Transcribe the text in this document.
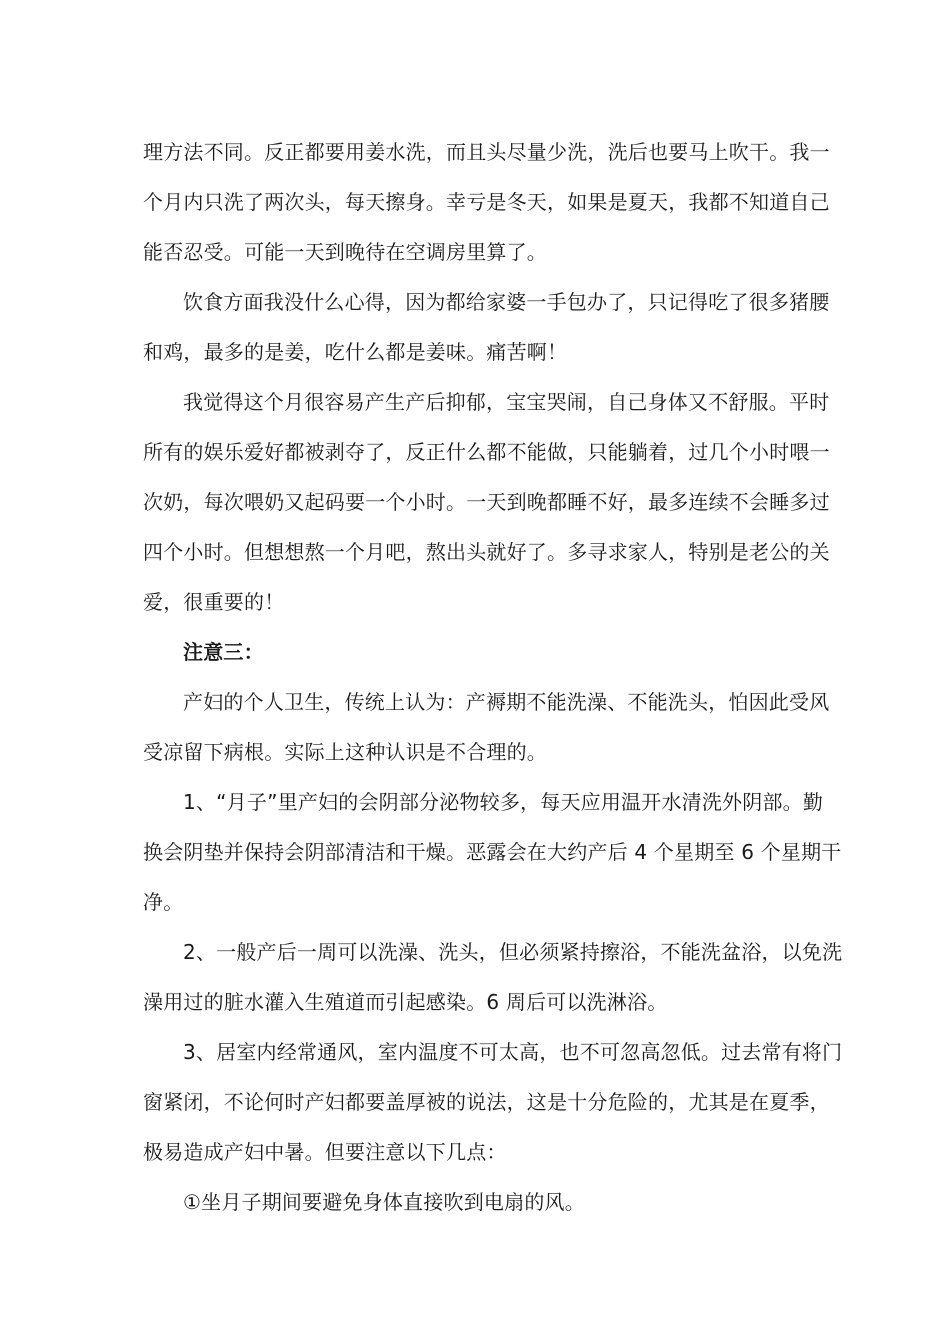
理方法不同。反正都要用姜水洗，而且头尽量少洗，洗后也要马上吹干。我一
个月内只洗了两次头，每天擦身。幸亏是冬天，如果是夏天，我都不知道自己
能否忍受。可能一天到晚待在空调房里算了。
饮食方面我没什么心得，因为都给家婆一手包办了，只记得吃了很多猪腰
和鸡，最多的是姜，吃什么都是姜味。痛苦啊！
我觉得这个月很容易产生产后抑郁，宝宝哭闹，自己身体又不舒服。平时
所有的娱乐爱好都被剥夺了，反正什么都不能做，只能躺着，过几个小时喂一
次奶，每次喂奶又起码要一个小时。一天到晚都睡不好，最多连续不会睡多过
四个小时。但想想熬一个月吧，熬出头就好了。多寻求家人，特别是老公的关
爱，很重要的！
注意三：
产妇的个人卫生，传统上认为：产褥期不能洗澡、不能洗头，怕因此受风
受凉留下病根。实际上这种认识是不合理的。
1、“月子”里产妇的会阴部分泌物较多，每天应用温开水清洗外阴部。勤
换会阴垫并保持会阴部清洁和干燥。恶露会在大约产后 4 个星期至 6 个星期干
净。
2、一般产后一周可以洗澡、洗头，但必须紧持擦浴，不能洗盆浴，以免洗
澡用过的脏水灌入生殖道而引起感染。6 周后可以洗淋浴。
3、居室内经常通风，室内温度不可太高，也不可忽高忽低。过去常有将门
窗紧闭，不论何时产妇都要盖厚被的说法，这是十分危险的，尤其是在夏季，
极易造成产妇中暑。但要注意以下几点：
①坐月子期间要避免身体直接吹到电扇的风。
